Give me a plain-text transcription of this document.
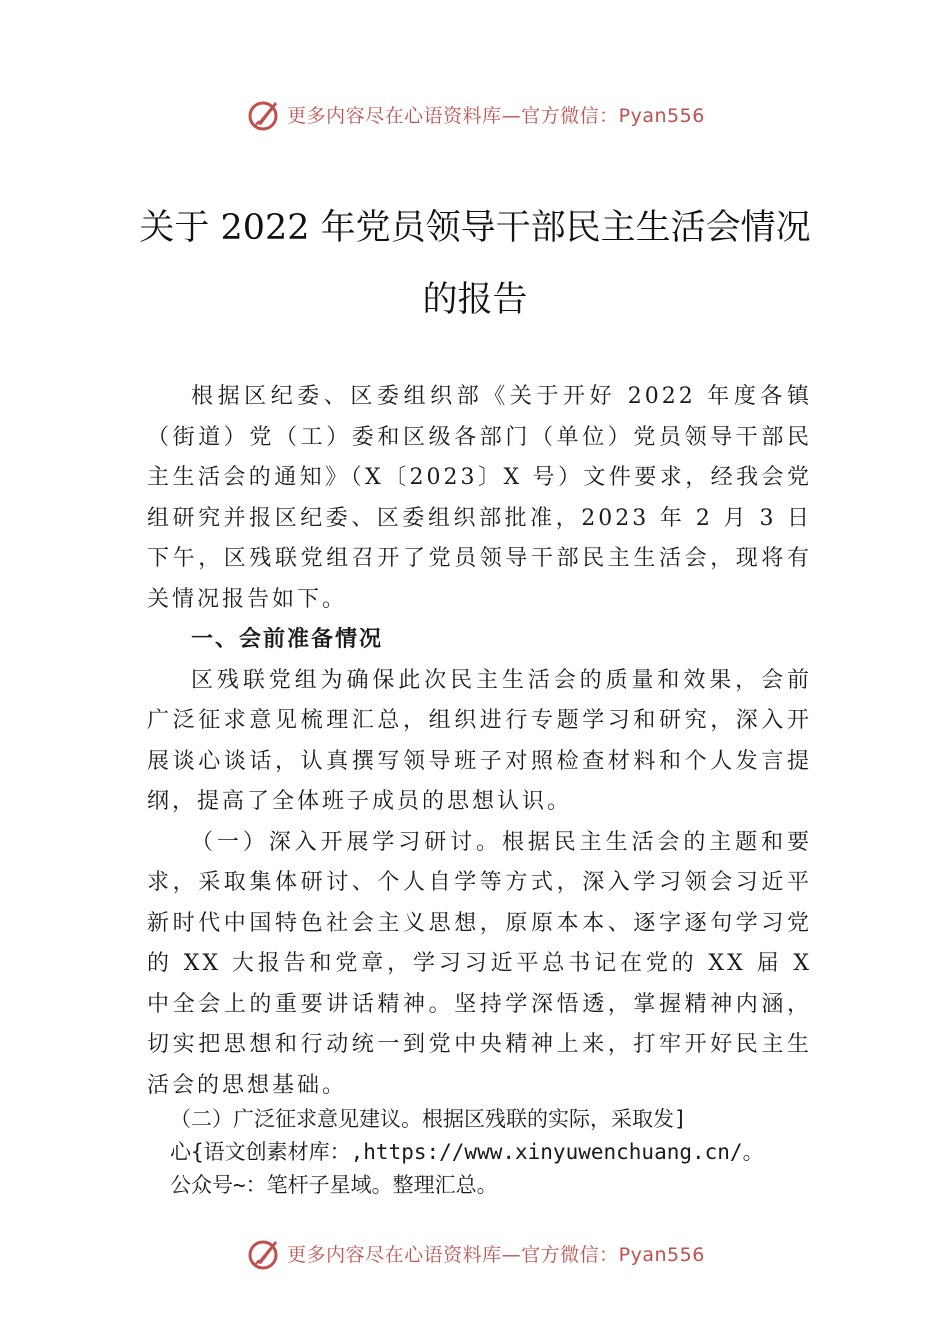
更多内容尽在心语资料库—官方微信：Pyan556
关于 2022 年党员领导干部民主生活会情况
的报告

根据区纪委、区委组织部《关于开好 2022 年度各镇（街道）党（工）委和区级各部门（单位）党员领导干部民主生活会的通知》（X〔2023〕X 号）文件要求，经我会党组研究并报区纪委、区委组织部批准，2023 年 2 月 3 日下午，区残联党组召开了党员领导干部民主生活会，现将有关情况报告如下。

一、会前准备情况

区残联党组为确保此次民主生活会的质量和效果，会前广泛征求意见梳理汇总，组织进行专题学习和研究，深入开展谈心谈话，认真撰写领导班子对照检查材料和个人发言提纲，提高了全体班子成员的思想认识。

（一）深入开展学习研讨。根据民主生活会的主题和要求，采取集体研讨、个人自学等方式，深入学习领会习近平新时代中国特色社会主义思想，原原本本、逐字逐句学习党的 XX 大报告和党章，学习习近平总书记在党的 XX 届 X 中全会上的重要讲话精神。坚持学深悟透，掌握精神内涵，切实把思想和行动统一到党中央精神上来，打牢开好民主生活会的思想基础。

（二）广泛征求意见建议。根据区残联的实际，采取发]
心{语文创素材库：,https://www.xinyuwenchuang.cn/。
公众号~：笔杆子星域。整理汇总。
更多内容尽在心语资料库—官方微信：Pyan556
